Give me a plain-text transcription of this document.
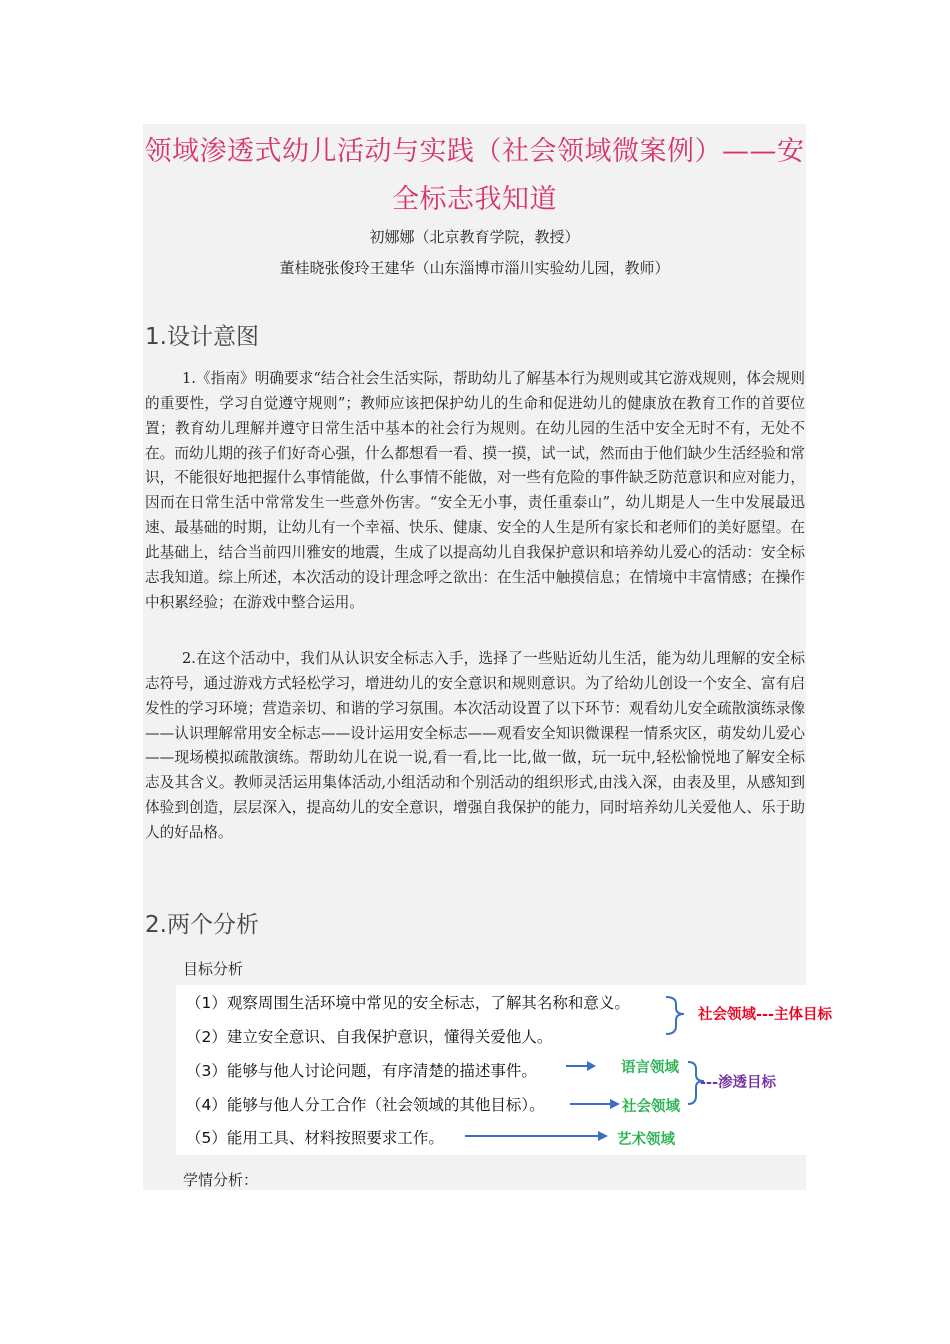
领域渗透式幼儿活动与实践（社会领域微案例）——安全标志我知道
初娜娜（北京教育学院，教授）
董桂晓张俊玲王建华（山东淄博市淄川实验幼儿园，教师）
1.设计意图

1.《指南》明确要求“结合社会生活实际，帮助幼儿了解基本行为规则或其它游戏规则，体会规则的重要性，学习自觉遵守规则”；教师应该把保护幼儿的生命和促进幼儿的健康放在教育工作的首要位置；教育幼儿理解并遵守日常生活中基本的社会行为规则。在幼儿园的生活中安全无时不有，无处不在。而幼儿期的孩子们好奇心强，什么都想看一看、摸一摸，试一试，然而由于他们缺少生活经验和常识，不能很好地把握什么事情能做，什么事情不能做，对一些有危险的事件缺乏防范意识和应对能力，因而在日常生活中常常发生一些意外伤害。“安全无小事，责任重泰山”，幼儿期是人一生中发展最迅速、最基础的时期，让幼儿有一个幸福、快乐、健康、安全的人生是所有家长和老师们的美好愿望。在此基础上，结合当前四川雅安的地震，生成了以提高幼儿自我保护意识和培养幼儿爱心的活动：安全标志我知道。综上所述，本次活动的设计理念呼之欲出：在生活中触摸信息；在情境中丰富情感；在操作中积累经验；在游戏中整合运用。

2.在这个活动中，我们从认识安全标志入手，选择了一些贴近幼儿生活，能为幼儿理解的安全标志符号，通过游戏方式轻松学习，增进幼儿的安全意识和规则意识。为了给幼儿创设一个安全、富有启发性的学习环境；营造亲切、和谐的学习氛围。本次活动设置了以下环节：观看幼儿安全疏散演练录像——认识理解常用安全标志——设计运用安全标志——观看安全知识微课程一情系灾区，萌发幼儿爱心——现场模拟疏散演练。帮助幼儿在说一说,看一看,比一比,做一做，玩一玩中,轻松愉悦地了解安全标志及其含义。教师灵活运用集体活动,小组活动和个别活动的组织形式,由浅入深，由表及里，从感知到体验到创造，层层深入，提高幼儿的安全意识，增强自我保护的能力，同时培养幼儿关爱他人、乐于助人的好品格。

2.两个分析
目标分析
（1）观察周围生活环境中常见的安全标志，了解其名称和意义。
（2）建立安全意识、自我保护意识，懂得关爱他人。
（3）能够与他人讨论问题，有序清楚的描述事件。
（4）能够与他人分工合作（社会领域的其他目标）。
（5）能用工具、材料按照要求工作。
社会领域---主体目标
语言领域
社会领域
---渗透目标
艺术领域
学情分析：
